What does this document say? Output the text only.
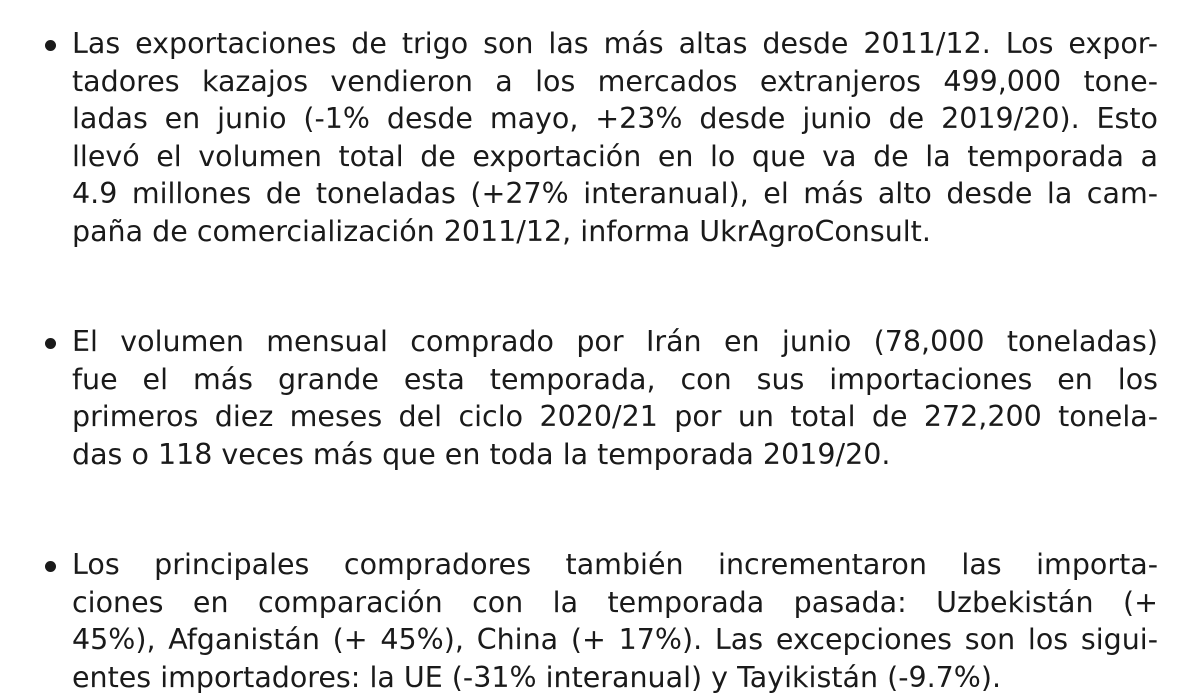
Las exportaciones de trigo son las más altas desde 2011/12. Los expor-
tadores kazajos vendieron a los mercados extranjeros 499,000 tone-
ladas en junio (-1% desde mayo, +23% desde junio de 2019/20). Esto
llevó el volumen total de exportación en lo que va de la temporada a
4.9 millones de toneladas (+27% interanual), el más alto desde la cam-
paña de comercialización 2011/12, informa UkrAgroConsult.
El volumen mensual comprado por Irán en junio (78,000 toneladas)
fue el más grande esta temporada, con sus importaciones en los
primeros diez meses del ciclo 2020/21 por un total de 272,200 tonela-
das o 118 veces más que en toda la temporada 2019/20.
Los principales compradores también incrementaron las importa-
ciones en comparación con la temporada pasada: Uzbekistán (+
45%), Afganistán (+ 45%), China (+ 17%). Las excepciones son los sigui-
entes importadores: la UE (-31% interanual) y Tayikistán (-9.7%).
